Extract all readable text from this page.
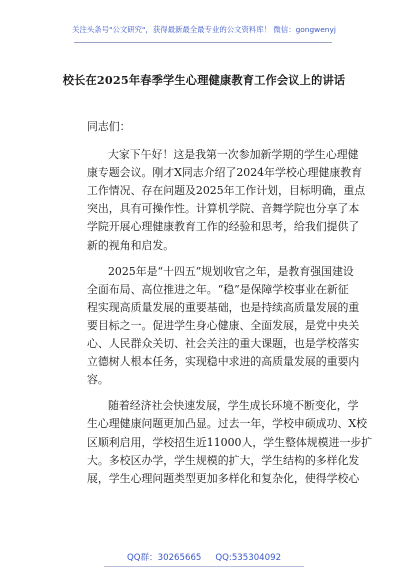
关注头条号"公文研究"，获得最新最全最专业的公文资料库！ 微信：gongwenyj
校长在2025年春季学生心理健康教育工作会议上的讲话
同志们：
大家下午好！这是我第一次参加新学期的学生心理健
康专题会议。刚才X同志介绍了2024年学校心理健康教育
工作情况、存在问题及2025年工作计划，目标明确，重点
突出，具有可操作性。计算机学院、音舞学院也分享了本
学院开展心理健康教育工作的经验和思考，给我们提供了
新的视角和启发。
2025年是“十四五”规划收官之年，是教育强国建设
全面布局、高位推进之年。“稳”是保障学校事业在新征
程实现高质量发展的重要基础，也是持续高质量发展的重
要目标之一。促进学生身心健康、全面发展，是党中央关
心、人民群众关切、社会关注的重大课题，也是学校落实
立德树人根本任务，实现稳中求进的高质量发展的重要内
容。
随着经济社会快速发展，学生成长环境不断变化，学
生心理健康问题更加凸显。过去一年，学校申硕成功、X校
区顺利启用，学校招生近11000人，学生整体规模进一步扩
大。多校区办学，学生规模的扩大，学生结构的多样化发
展，学生心理问题类型更加多样化和复杂化，使得学校心
QQ群：30265665 QQ:535304092
